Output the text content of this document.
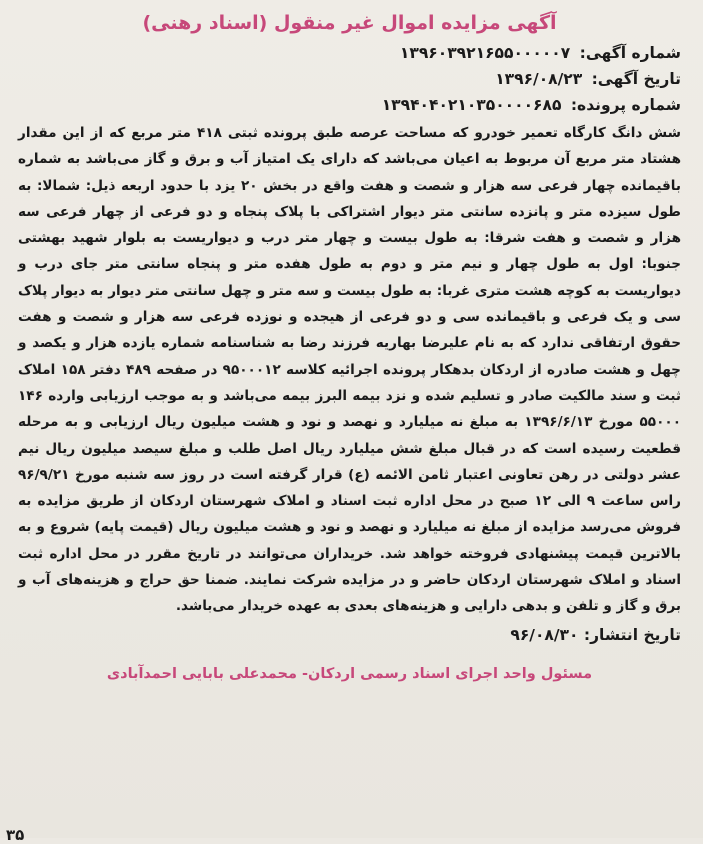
آگهی مزایده اموال غیر منقول (اسناد رهنی)
شماره آگهی: ۱۳۹۶۰۳۹۲۱۶۵۵۰۰۰۰۰۷
تاریخ آگهی: ۱۳۹۶/۰۸/۲۳
شماره پرونده: ۱۳۹۴۰۴۰۲۱۰۳۵۰۰۰۰۶۸۵
شش دانگ کارگاه تعمیر خودرو که مساحت عرصه طبق پرونده ثبتی ۴۱۸ متر مربع که از این مقدار هشتاد متر مربع آن مربوط به اعیان می‌باشد که دارای یک امتیاز آب و برق و گاز می‌باشد به شماره باقیمانده چهار فرعی سه هزار و شصت و هفت واقع در بخش ۲۰ یزد با حدود اربعه ذیل: شمالا: به طول سیزده متر و پانزده سانتی متر دیوار اشتراکی با پلاک پنجاه و دو فرعی از چهار فرعی سه هزار و شصت و هفت شرقا: به طول بیست و چهار متر درب و دیواریست به بلوار شهید بهشتی جنوبا: اول به طول چهار و نیم متر و دوم به طول هفده متر و پنجاه سانتی متر جای درب و دیواریست به کوچه هشت متری غربا: به طول بیست و سه متر و چهل سانتی متر دیوار به دیوار پلاک سی و یک فرعی و باقیمانده سی و دو فرعی از هیجده و نوزده فرعی سه هزار و شصت و هفت حقوق ارتفاقی ندارد که به نام علیرضا بهاریه فرزند رضا به شناسنامه شماره یازده هزار و یکصد و چهل و هشت صادره از اردکان بدهکار پرونده اجرائیه کلاسه ۹۵۰۰۰۱۲ در صفحه ۴۸۹ دفتر ۱۵۸ املاک ثبت و سند مالکیت صادر و تسلیم شده و نزد بیمه البرز بیمه می‌باشد و به موجب ارزیابی وارده ۱۴۶ ۵۵۰۰۰ مورخ ۱۳۹۶/۶/۱۳ به مبلغ نه میلیارد و نهصد و نود و هشت میلیون ریال ارزیابی و به مرحله قطعیت رسیده است که در قبال مبلغ شش میلیارد ریال اصل طلب و مبلغ سیصد میلیون ریال نیم عشر دولتی در رهن تعاونی اعتبار ثامن الائمه (ع) قرار گرفته است در روز سه شنبه مورخ ۹۶/۹/۲۱ راس ساعت ۹ الی ۱۲ صبح در محل اداره ثبت اسناد و املاک شهرستان اردکان از طریق مزایده به فروش می‌رسد مزایده از مبلغ نه میلیارد و نهصد و نود و هشت میلیون ریال (قیمت پایه) شروع و به بالاترین قیمت پیشنهادی فروخته خواهد شد. خریداران می‌توانند در تاریخ مقرر در محل اداره ثبت اسناد و املاک شهرستان اردکان حاضر و در مزایده شرکت نمایند. ضمنا حق حراج و هزینه‌های آب و برق و گاز و تلفن و بدهی دارایی و هزینه‌های بعدی به عهده خریدار می‌باشد.
تاریخ انتشار: ۹۶/۰۸/۳۰
مسئول واحد اجرای اسناد رسمی اردکان- محمدعلی بابایی احمدآبادی
۳۵
